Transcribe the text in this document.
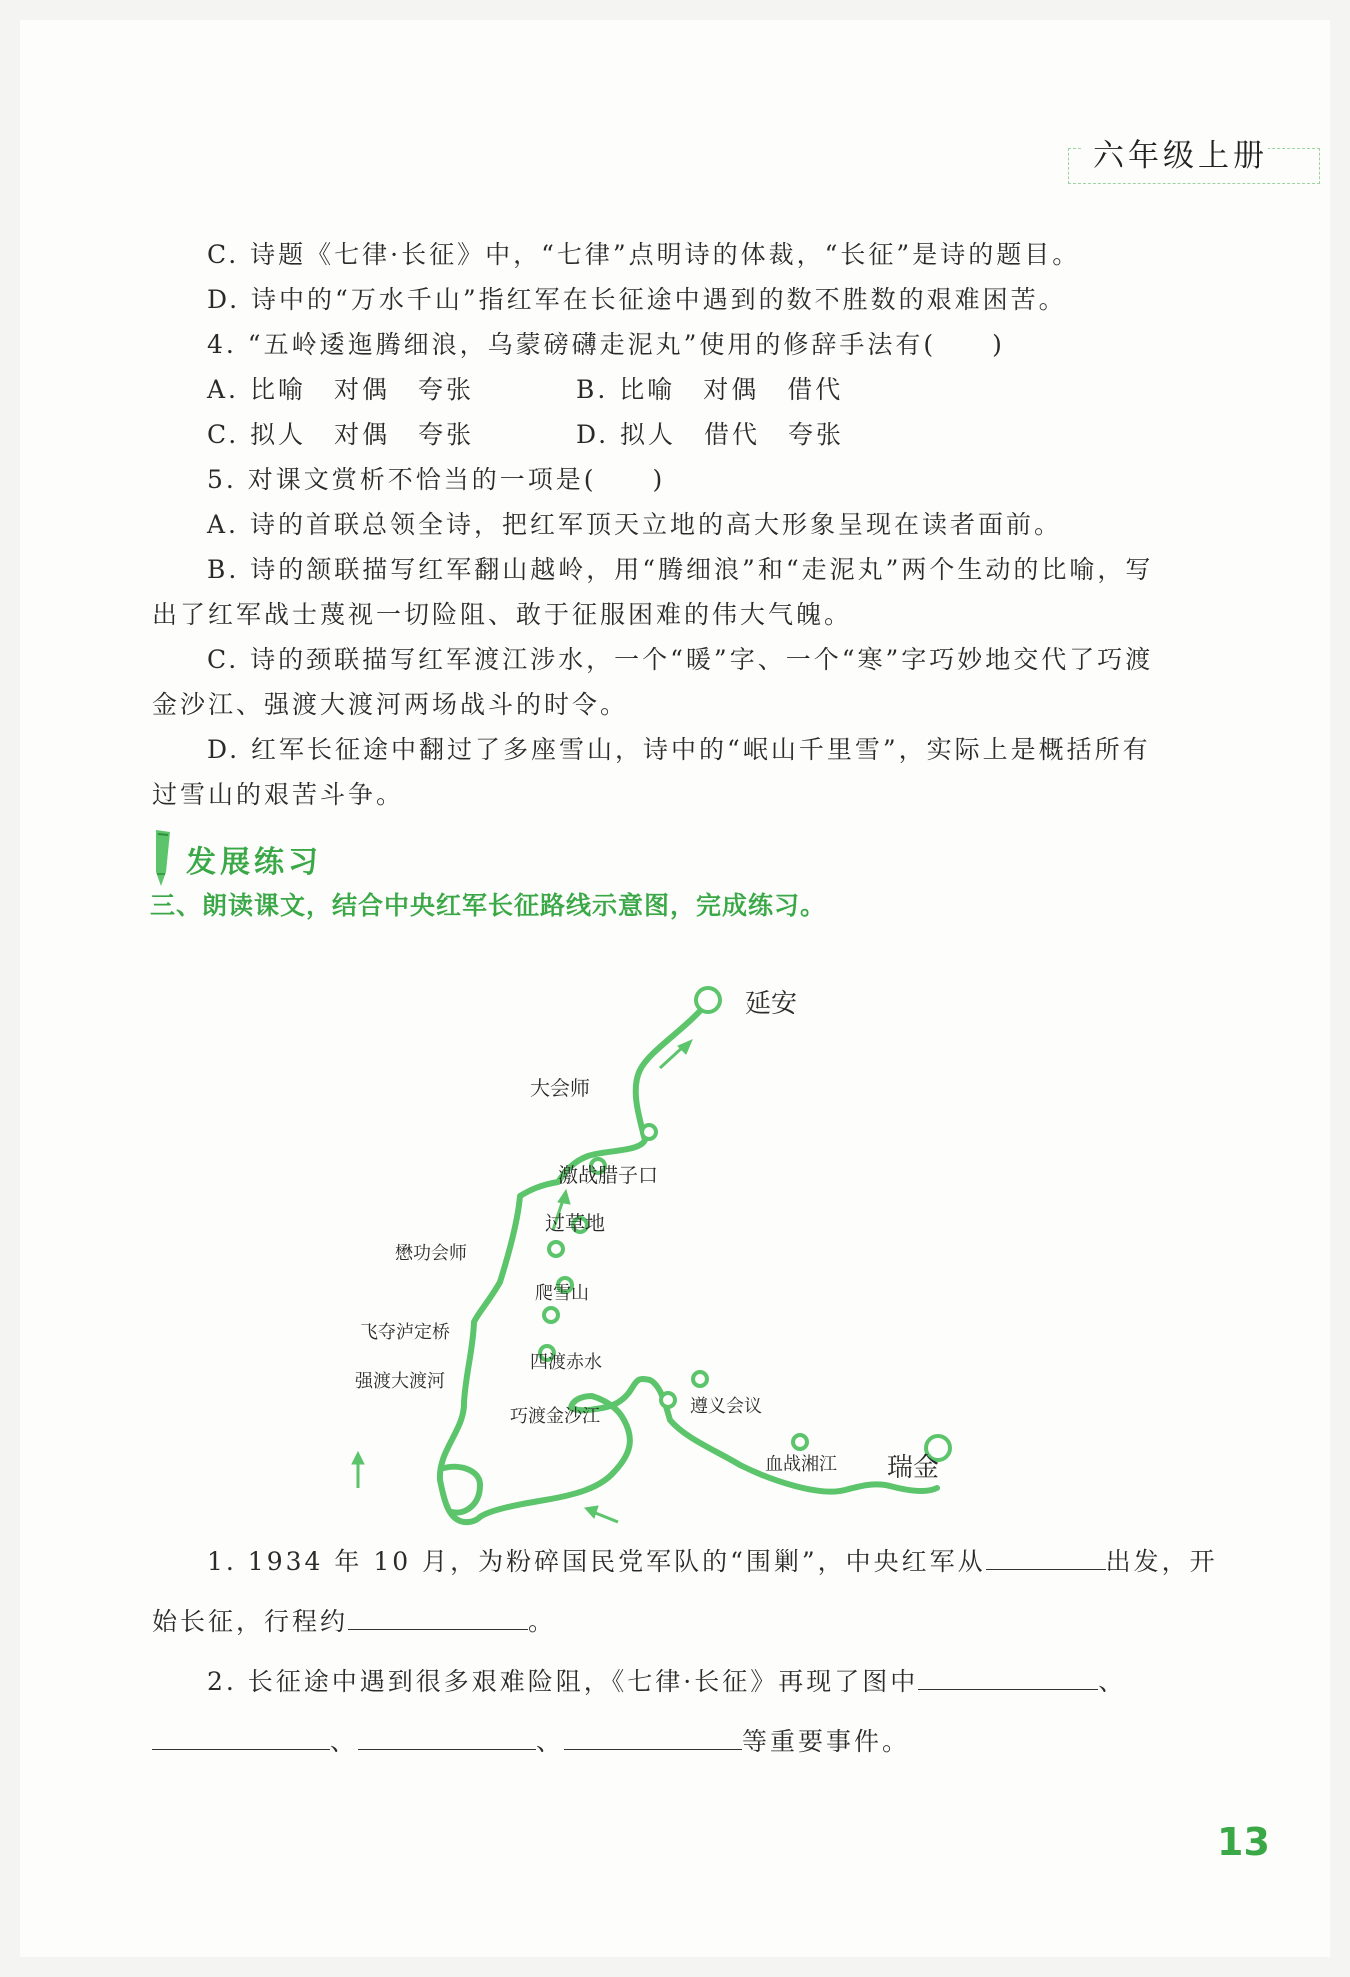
六年级上册
C. 诗题《七律·长征》中，“七律”点明诗的体裁，“长征”是诗的题目。
D. 诗中的“万水千山”指红军在长征途中遇到的数不胜数的艰难困苦。
4. “五岭逶迤腾细浪，乌蒙磅礴走泥丸”使用的修辞手法有(　　)
A. 比喻　对偶　夸张	B. 比喻　对偶　借代
C. 拟人　对偶　夸张	D. 拟人　借代　夸张
5. 对课文赏析不恰当的一项是(　　)
A. 诗的首联总领全诗，把红军顶天立地的高大形象呈现在读者面前。
B. 诗的颔联描写红军翻山越岭，用“腾细浪”和“走泥丸”两个生动的比喻，写
出了红军战士蔑视一切险阻、敢于征服困难的伟大气魄。
C. 诗的颈联描写红军渡江涉水，一个“暖”字、一个“寒”字巧妙地交代了巧渡
金沙江、强渡大渡河两场战斗的时令。
D. 红军长征途中翻过了多座雪山，诗中的“岷山千里雪”，实际上是概括所有
过雪山的艰苦斗争。
发展练习
三、朗读课文，结合中央红军长征路线示意图，完成练习。
延安
大会师
激战腊子口
过草地
懋功会师
爬雪山
飞夺泸定桥
强渡大渡河
四渡赤水
巧渡金沙江	遵义会议
血战湘江 瑞金
1. 1934 年 10 月，为粉碎国民党军队的“围剿”，中央红军从	出发，开
始长征，行程约	。
2. 长征途中遇到很多艰难险阻，《七律·长征》再现了图中	、
、	、	等重要事件。
13
